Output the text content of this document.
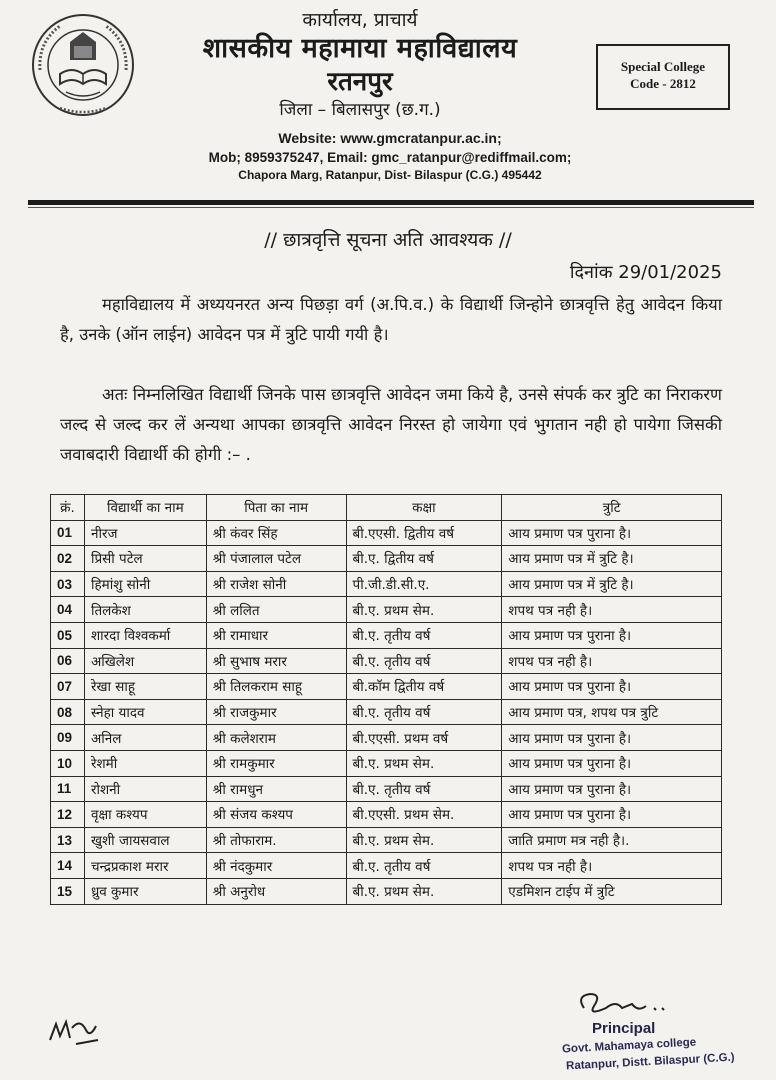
कार्यालय, प्राचार्य
शासकीय महामाया महाविद्यालय
रतनपुर
जिला – बिलासपुर (छ.ग.)
Special College
Code - 2812
Website: www.gmcratanpur.ac.in;
Mob; 8959375247, Email: gmc_ratanpur@rediffmail.com;
Chapora Marg, Ratanpur, Dist- Bilaspur (C.G.) 495442
// छात्रवृत्ति सूचना अति आवश्यक //
दिनांक 29/01/2025
महाविद्यालय में अध्ययनरत अन्य पिछड़ा वर्ग (अ.पि.व.) के विद्यार्थी जिन्होने छात्रवृत्ति हेतु आवेदन किया है, उनके (ऑन लाईन) आवेदन पत्र में त्रुटि पायी गयी है।
अतः निम्नलिखित विद्यार्थी जिनके पास छात्रवृत्ति आवेदन जमा किये है, उनसे संपर्क कर त्रुटि का निराकरण जल्द से जल्द कर लें अन्यथा आपका छात्रवृत्ति आवेदन निरस्त हो जायेगा एवं भुगतान नही हो पायेगा जिसकी जवाबदारी विद्यार्थी की होगी :– .
क्रं.	विद्यार्थी का नाम	पिता का नाम	कक्षा	त्रुटि
01	नीरज	श्री कंवर सिंह	बी.एएसी. द्वितीय वर्ष	आय प्रमाण पत्र पुराना है।
02	प्रिसी पटेल	श्री पंजालाल पटेल	बी.ए. द्वितीय वर्ष	आय प्रमाण पत्र में त्रुटि है।
03	हिमांशु सोनी	श्री राजेश सोनी	पी.जी.डी.सी.ए.	आय प्रमाण पत्र में त्रुटि है।
04	तिलकेश	श्री ललित	बी.ए. प्रथम सेम.	शपथ पत्र नही है।
05	शारदा विश्वकर्मा	श्री रामाधार	बी.ए. तृतीय वर्ष	आय प्रमाण पत्र पुराना है।
06	अखिलेश	श्री सुभाष मरार	बी.ए. तृतीय वर्ष	शपथ पत्र नही है।
07	रेखा साहू	श्री तिलकराम साहू	बी.कॉम द्वितीय वर्ष	आय प्रमाण पत्र पुराना है।
08	स्नेहा यादव	श्री राजकुमार	बी.ए. तृतीय वर्ष	आय प्रमाण पत्र, शपथ पत्र त्रुटि
09	अनिल	श्री कलेशराम	बी.एएसी. प्रथम वर्ष	आय प्रमाण पत्र पुराना है।
10	रेशमी	श्री रामकुमार	बी.ए. प्रथम सेम.	आय प्रमाण पत्र पुराना है।
11	रोशनी	श्री रामधुन	बी.ए. तृतीय वर्ष	आय प्रमाण पत्र पुराना है।
12	वृक्षा कश्यप	श्री संजय कश्यप	बी.एएसी. प्रथम सेम.	आय प्रमाण पत्र पुराना है।
13	खुशी जायसवाल	श्री तोफाराम.	बी.ए. प्रथम सेम.	जाति प्रमाण मत्र नही है।.
14	चन्द्रप्रकाश मरार	श्री नंदकुमार	बी.ए. तृतीय वर्ष	शपथ पत्र नही है।
15	ध्रुव कुमार	श्री अनुरोध	बी.ए. प्रथम सेम.	एडमिशन टाईप में त्रुटि
Principal
Govt. Mahamaya college
Ratanpur, Distt. Bilaspur (C.G.)
